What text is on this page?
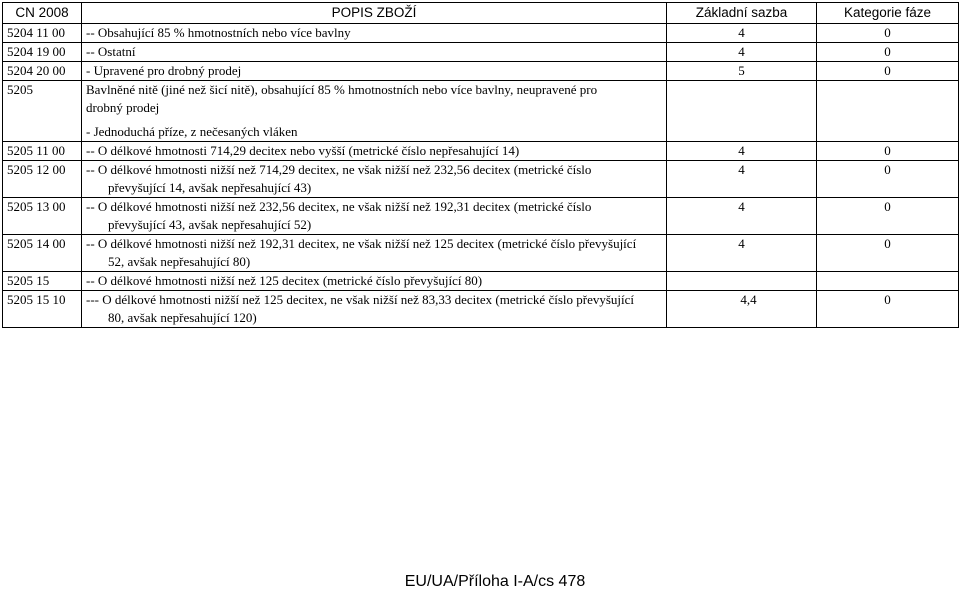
CN 2008	POPIS ZBOŽÍ	Základní sazba	Kategorie fáze
5204 11 00	-- Obsahující 85 % hmotnostních nebo více bavlny	4	0
5204 19 00	-- Ostatní	4	0
5204 20 00	- Upravené pro drobný prodej	5	0
5205	Bavlněné nitě (jiné než šicí nitě), obsahující 85 % hmotnostních nebo více bavlny, neupravené pro drobný prodej
- Jednoduchá příze, z nečesaných vláken		

5205 11 00	-- O délkové hmotnosti 714,29 decitex nebo vyšší (metrické číslo nepřesahující 14)	4	0
5205 12 00	-- O délkové hmotnosti nižší než 714,29 decitex, ne však nižší než 232,56 decitex (metrické číslo
převyšující 14, avšak nepřesahující 43)	4	0
5205 13 00	-- O délkové hmotnosti nižší než 232,56 decitex, ne však nižší než 192,31 decitex (metrické číslo
převyšující 43, avšak nepřesahující 52)	4	0
5205 14 00	-- O délkové hmotnosti nižší než 192,31 decitex, ne však nižší než 125 decitex (metrické číslo převyšující
52, avšak nepřesahující 80)	4	0
5205 15	-- O délkové hmotnosti nižší než 125 decitex (metrické číslo převyšující 80)		
5205 15 10	--- O délkové hmotnosti nižší než 125 decitex, ne však nižší než 83,33 decitex (metrické číslo převyšující
80, avšak nepřesahující 120)	4,4	0
EU/UA/Příloha I-A/cs 478
